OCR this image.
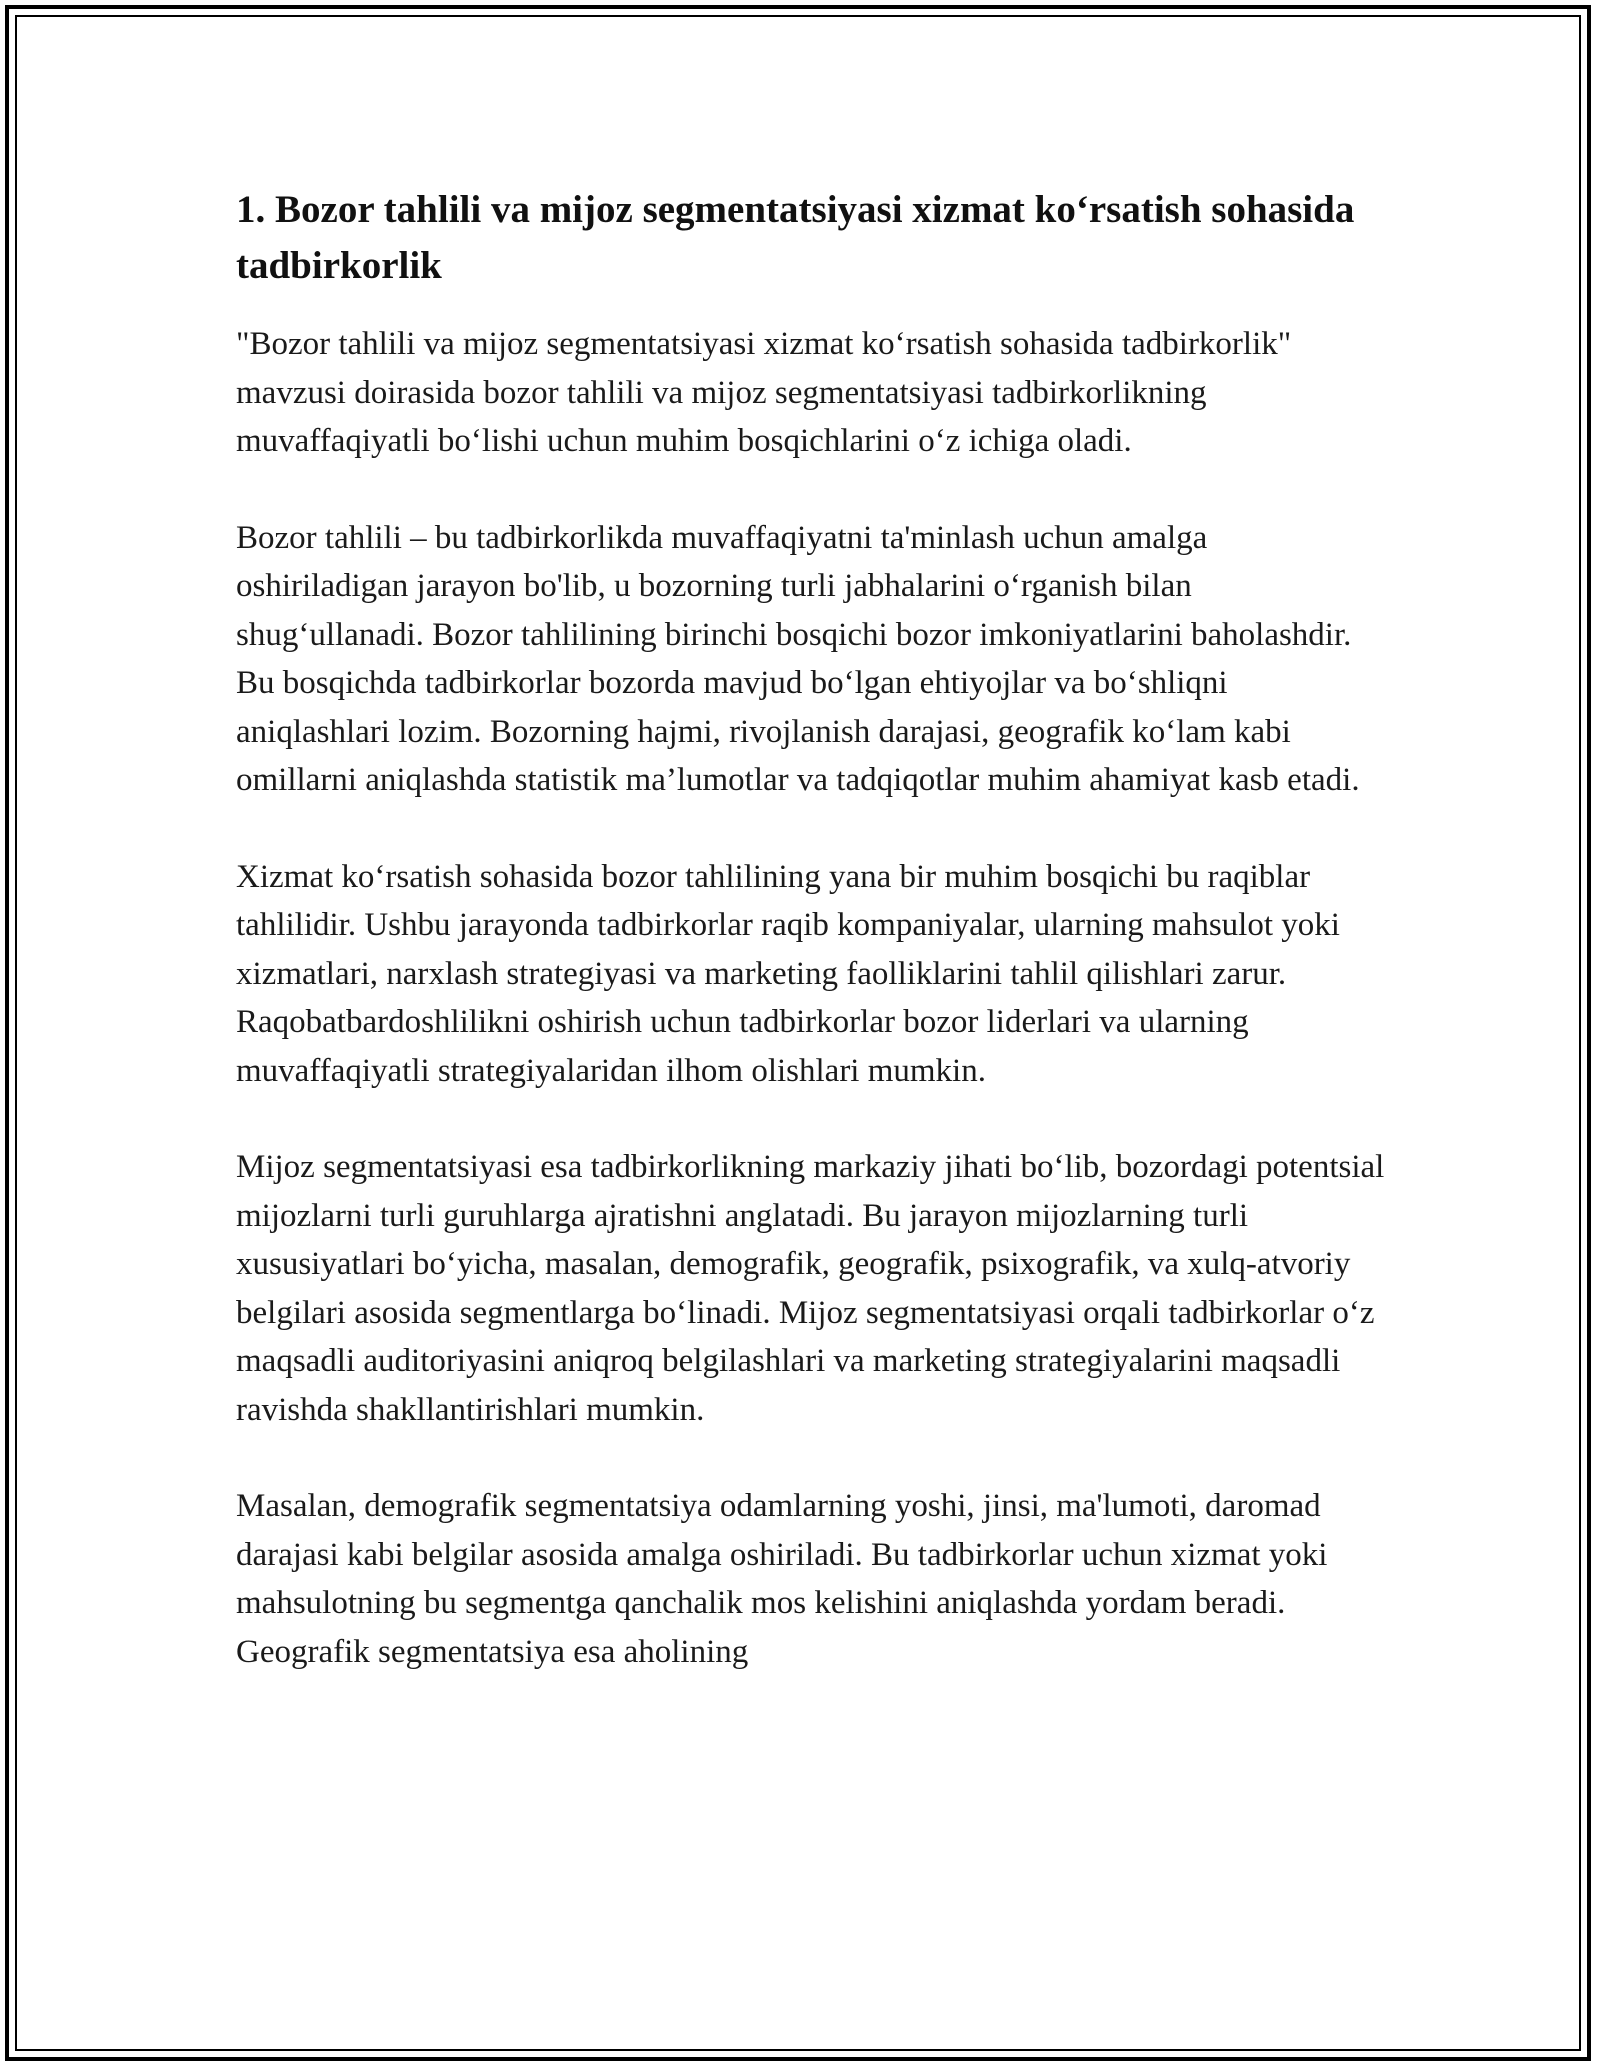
1. Bozor tahlili va mijoz segmentatsiyasi xizmat ko‘rsatish sohasida tadbirkorlik

"Bozor tahlili va mijoz segmentatsiyasi xizmat ko‘rsatish sohasida tadbirkorlik" mavzusi doirasida bozor tahlili va mijoz segmentatsiyasi tadbirkorlikning muvaffaqiyatli bo‘lishi uchun muhim bosqichlarini o‘z ichiga oladi.

Bozor tahlili – bu tadbirkorlikda muvaffaqiyatni ta'minlash uchun amalga oshiriladigan jarayon bo'lib, u bozorning turli jabhalarini o‘rganish bilan shug‘ullanadi. Bozor tahlilining birinchi bosqichi bozor imkoniyatlarini baholashdir. Bu bosqichda tadbirkorlar bozorda mavjud bo‘lgan ehtiyojlar va bo‘shliqni aniqlashlari lozim. Bozorning hajmi, rivojlanish darajasi, geografik ko‘lam kabi omillarni aniqlashda statistik ma’lumotlar va tadqiqotlar muhim ahamiyat kasb etadi.

Xizmat ko‘rsatish sohasida bozor tahlilining yana bir muhim bosqichi bu raqiblar tahlilidir. Ushbu jarayonda tadbirkorlar raqib kompaniyalar, ularning mahsulot yoki xizmatlari, narxlash strategiyasi va marketing faolliklarini tahlil qilishlari zarur. Raqobatbardoshlilikni oshirish uchun tadbirkorlar bozor liderlari va ularning muvaffaqiyatli strategiyalaridan ilhom olishlari mumkin.

Mijoz segmentatsiyasi esa tadbirkorlikning markaziy jihati bo‘lib, bozordagi potentsial mijozlarni turli guruhlarga ajratishni anglatadi. Bu jarayon mijozlarning turli xususiyatlari bo‘yicha, masalan, demografik, geografik, psixografik, va xulq-atvoriy belgilari asosida segmentlarga bo‘linadi. Mijoz segmentatsiyasi orqali tadbirkorlar o‘z maqsadli auditoriyasini aniqroq belgilashlari va marketing strategiyalarini maqsadli ravishda shakllantirishlari mumkin.

Masalan, demografik segmentatsiya odamlarning yoshi, jinsi, ma'lumoti, daromad darajasi kabi belgilar asosida amalga oshiriladi. Bu tadbirkorlar uchun xizmat yoki mahsulotning bu segmentga qanchalik mos kelishini aniqlashda yordam beradi. Geografik segmentatsiya esa aholining
